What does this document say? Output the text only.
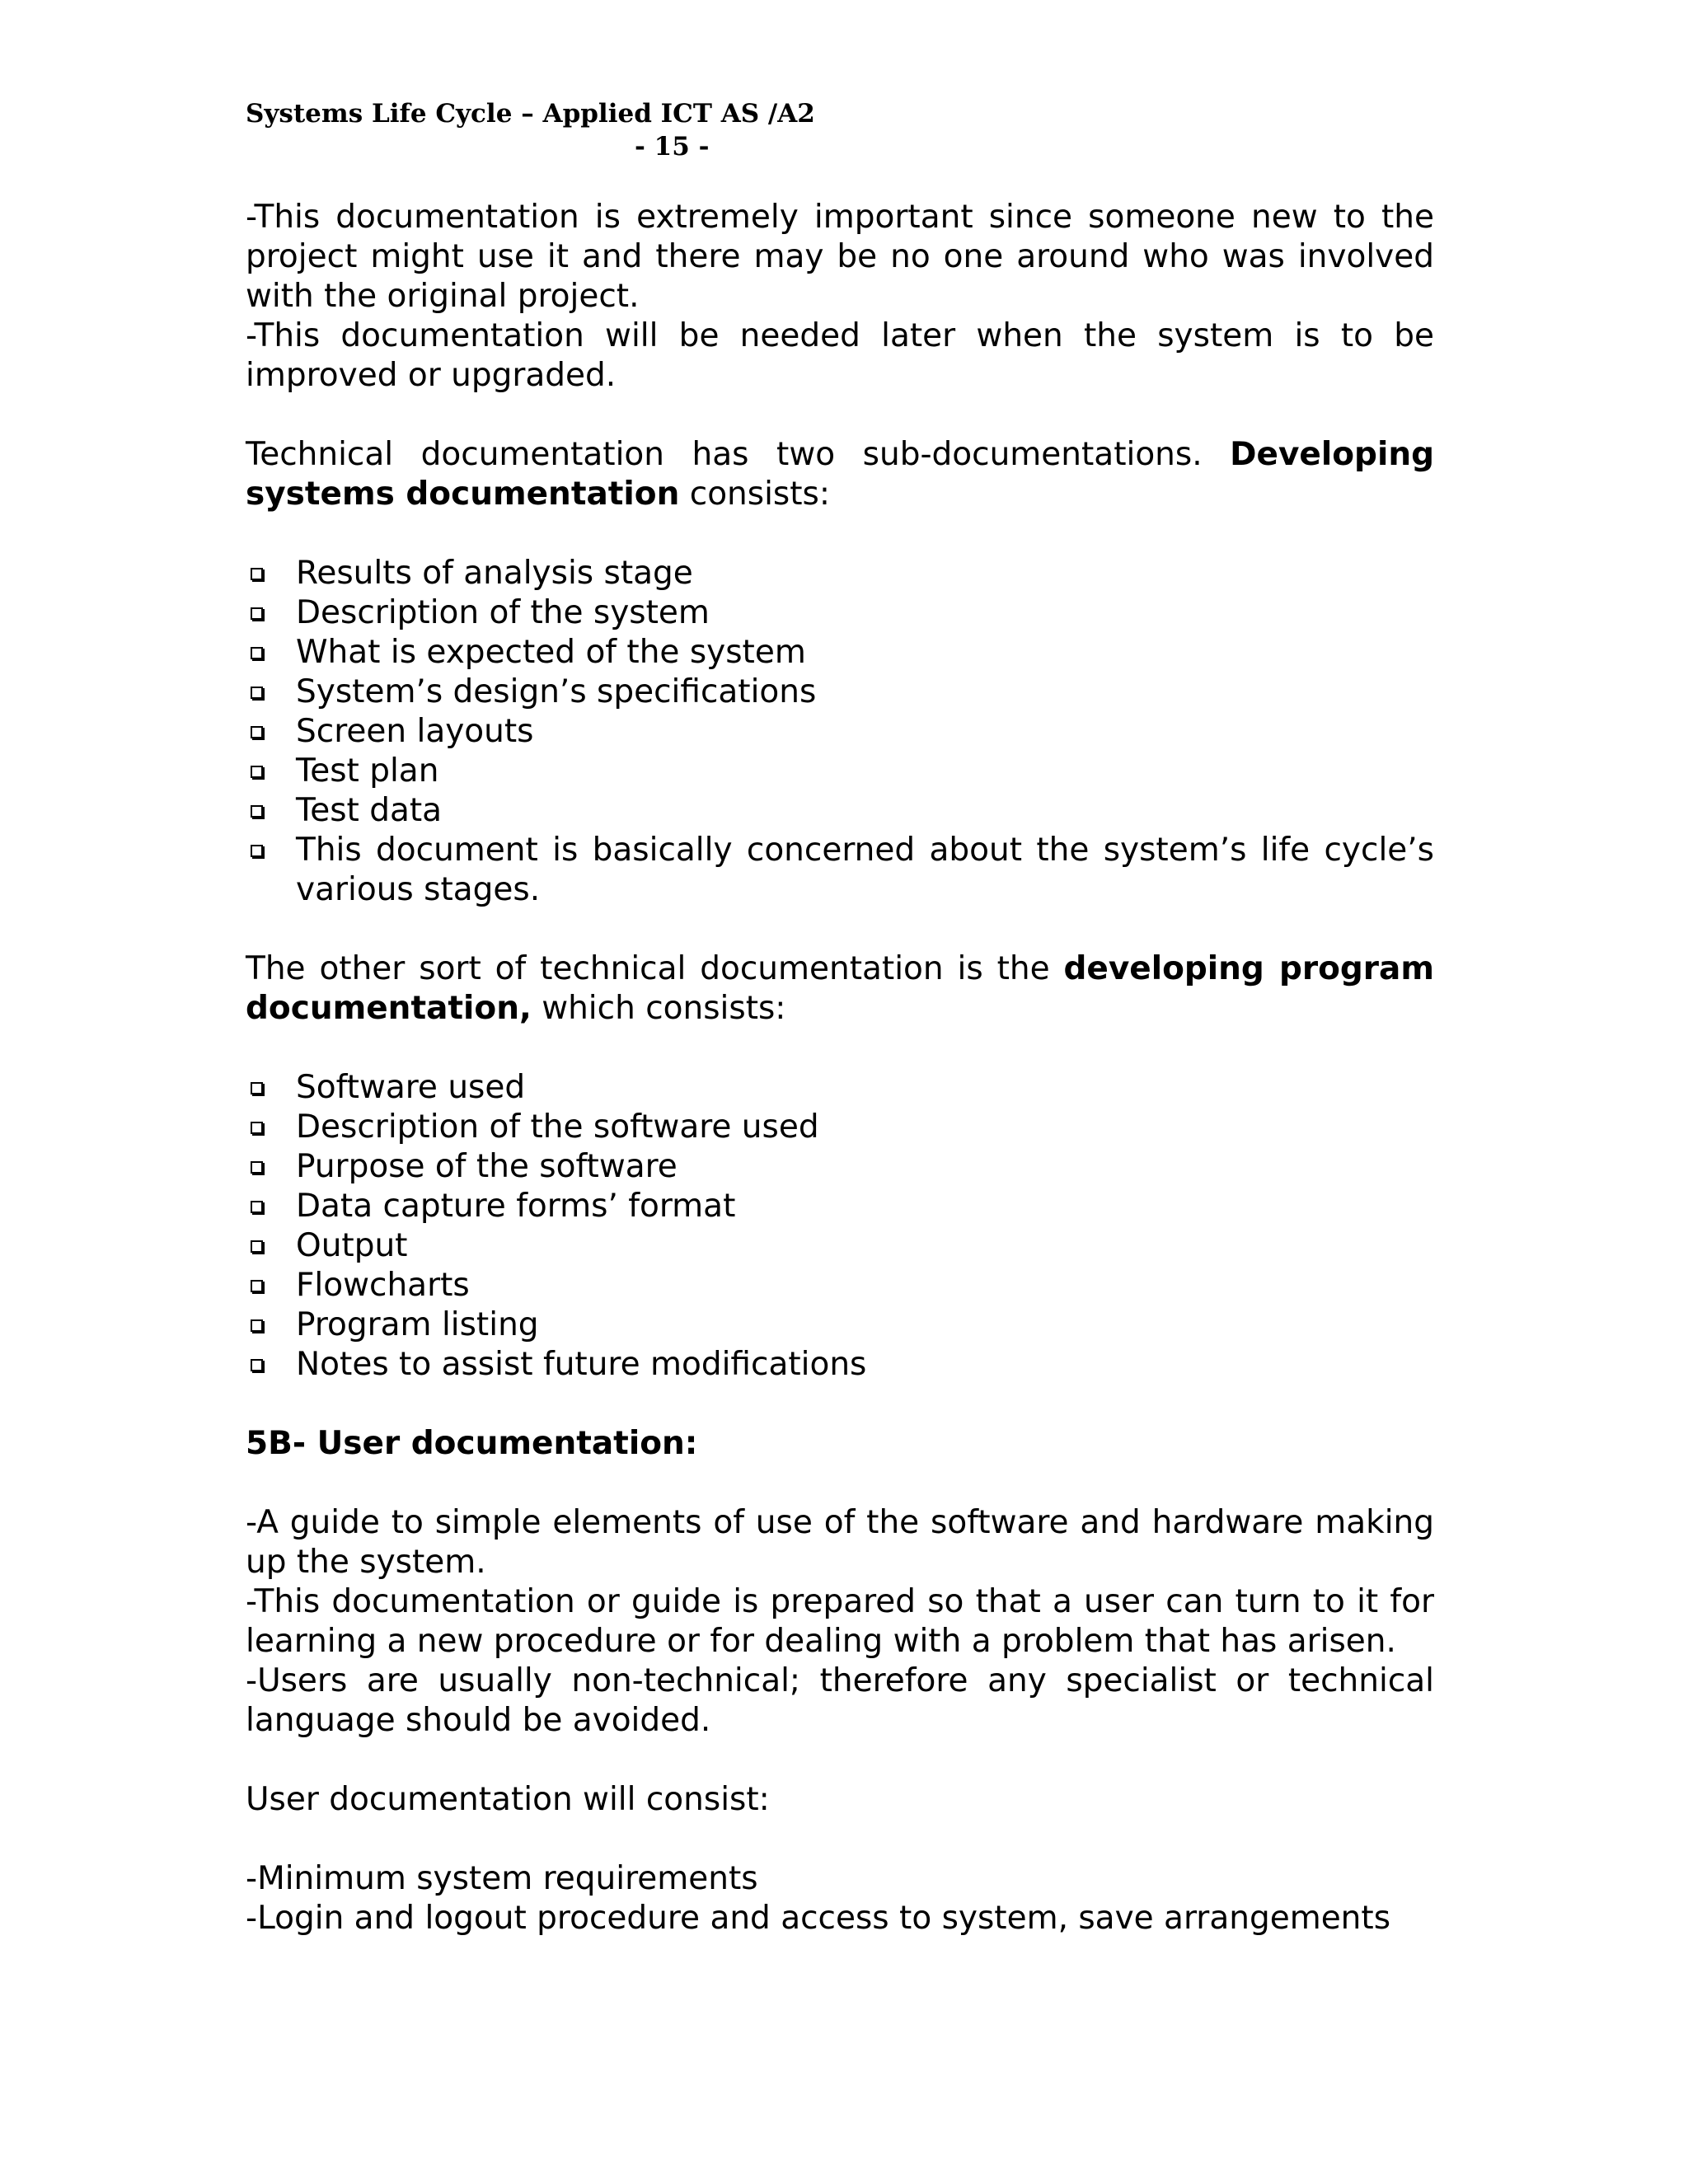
Systems Life Cycle – Applied ICT AS /A2
- 15 -

-This documentation is extremely important since someone new to the project might use it and there may be no one around who was involved with the original project.
-This documentation will be needed later when the system is to be improved or upgraded.

Technical documentation has two sub-documentations. Developing systems documentation consists:

Results of analysis stage
Description of the system
What is expected of the system
System’s design’s specifications
Screen layouts
Test plan
Test data
This document is basically concerned about the system’s life cycle’s various stages.

The other sort of technical documentation is the developing program documentation, which consists:

Software used
Description of the software used
Purpose of the software
Data capture forms’ format
Output
Flowcharts
Program listing
Notes to assist future modifications

5B- User documentation:

-A guide to simple elements of use of the software and hardware making up the system.
-This documentation or guide is prepared so that a user can turn to it for learning a new procedure or for dealing with a problem that has arisen.
-Users are usually non-technical; therefore any specialist or technical language should be avoided.

User documentation will consist:

-Minimum system requirements
-Login and logout procedure and access to system, save arrangements
